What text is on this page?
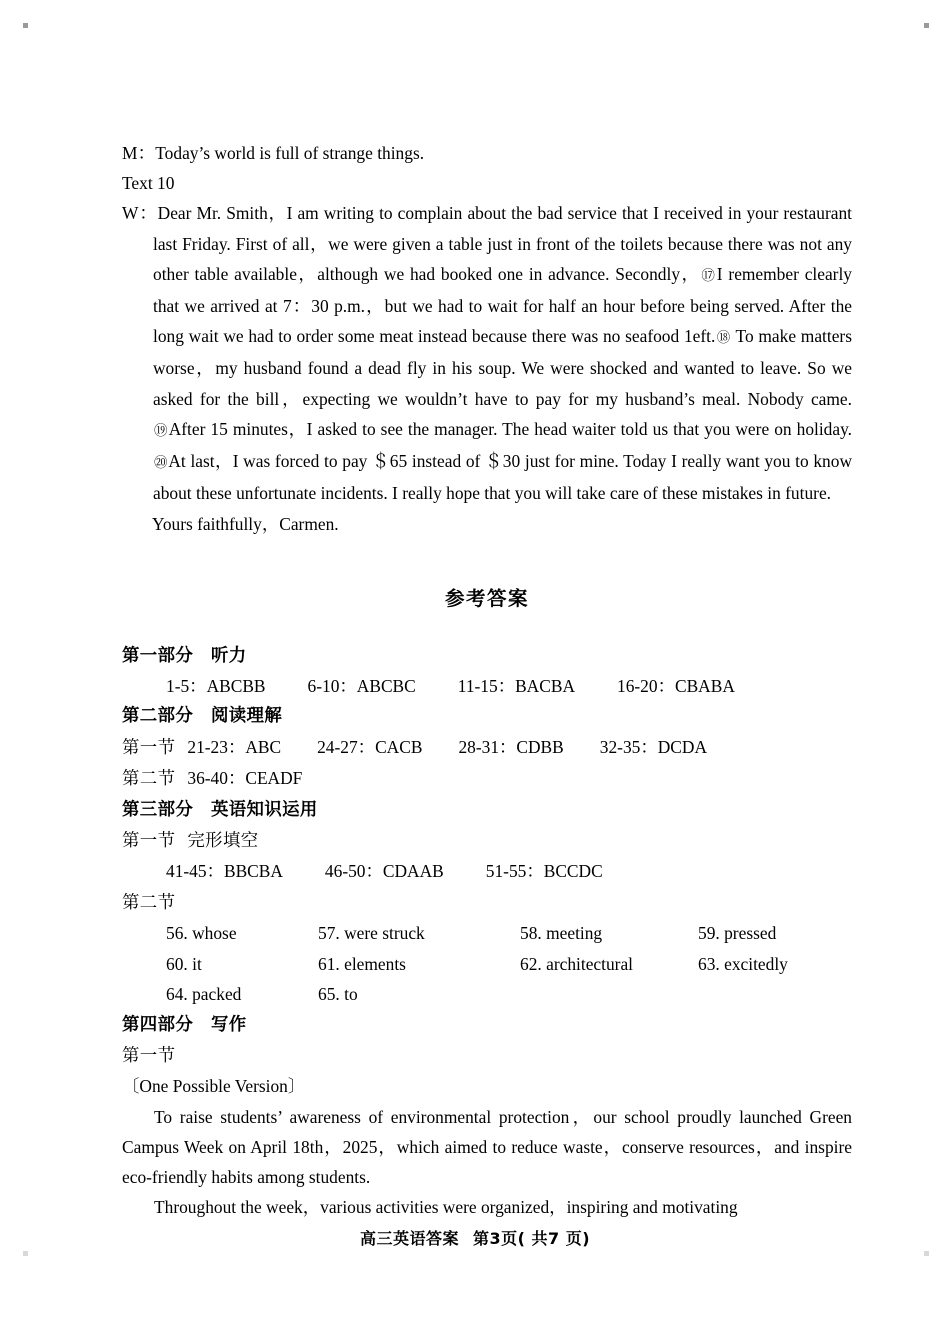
M：Today’s world is full of strange things.

Text 10

W：Dear Mr. Smith，I am writing to complain about the bad service that I received in your restaurant last Friday. First of all，we were given a table just in front of the toilets because there was not any other table available，although we had booked one in advance. Secondly，⑰I remember clearly that we arrived at 7：30 p.m.，but we had to wait for half an hour before being served. After the long wait we had to order some meat instead because there was no seafood 1eft.⑱ To make matters worse，my husband found a dead fly in his soup. We were shocked and wanted to leave. So we asked for the bill，expecting we wouldn’t have to pay for my husband’s meal. Nobody came. ⑲After 15 minutes，I asked to see the manager. The head waiter told us that you were on holiday. ⑳At last，I was forced to pay ＄65 instead of ＄30 just for mine. Today I really want you to know about these unfortunate incidents. I really hope that you will take care of these mistakes in future.

Yours faithfully，Carmen.

参考答案

第一部分　听力

1-5：ABCBB 6-10：ABCBC 11-15：BACBA 16-20：CBABA

第二部分　阅读理解

第一节 21-23：ABC 24-27：CACB 28-31：CDBB 32-35：DCDA

第二节 36-40：CEADF

第三部分　英语知识运用

第一节 完形填空

41-45：BBCBA 46-50：CDAAB 51-55：BCCDC

第二节

56. whose	57. were struck	58. meeting	59. pressed

60. it	61. elements	62. architectural	63. excitedly

64. packed	65. to

第四部分　写作

第一节

〔One Possible Version〕

To raise students’ awareness of environmental protection，our school proudly launched Green Campus Week on April 18th，2025，which aimed to reduce waste，conserve resources，and inspire eco-friendly habits among students.

Throughout the week，various activities were organized，inspiring and motivating

高三英语答案 第3页( 共7 页)
